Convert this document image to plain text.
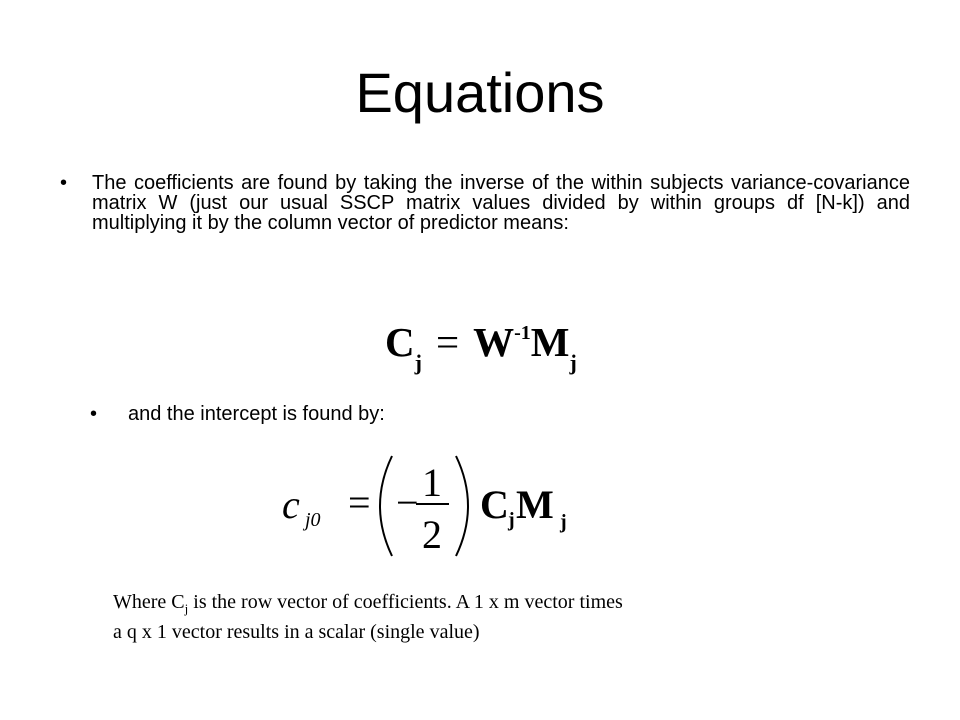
Equations
•	The coefficients are found by taking the inverse of the within subjects variance-covariance matrix W (just our usual SSCP matrix values divided by within groups df [N-k]) and multiplying it by the column vector of predictor means:
$C_j = W^{-1}M_j$
•	and the intercept is found by:
c j0 = − 1
2
C j M j
Where $C_j$ is the row vector of coefficients. A 1 x m vector times a q x 1 vector results in a scalar (single value)
